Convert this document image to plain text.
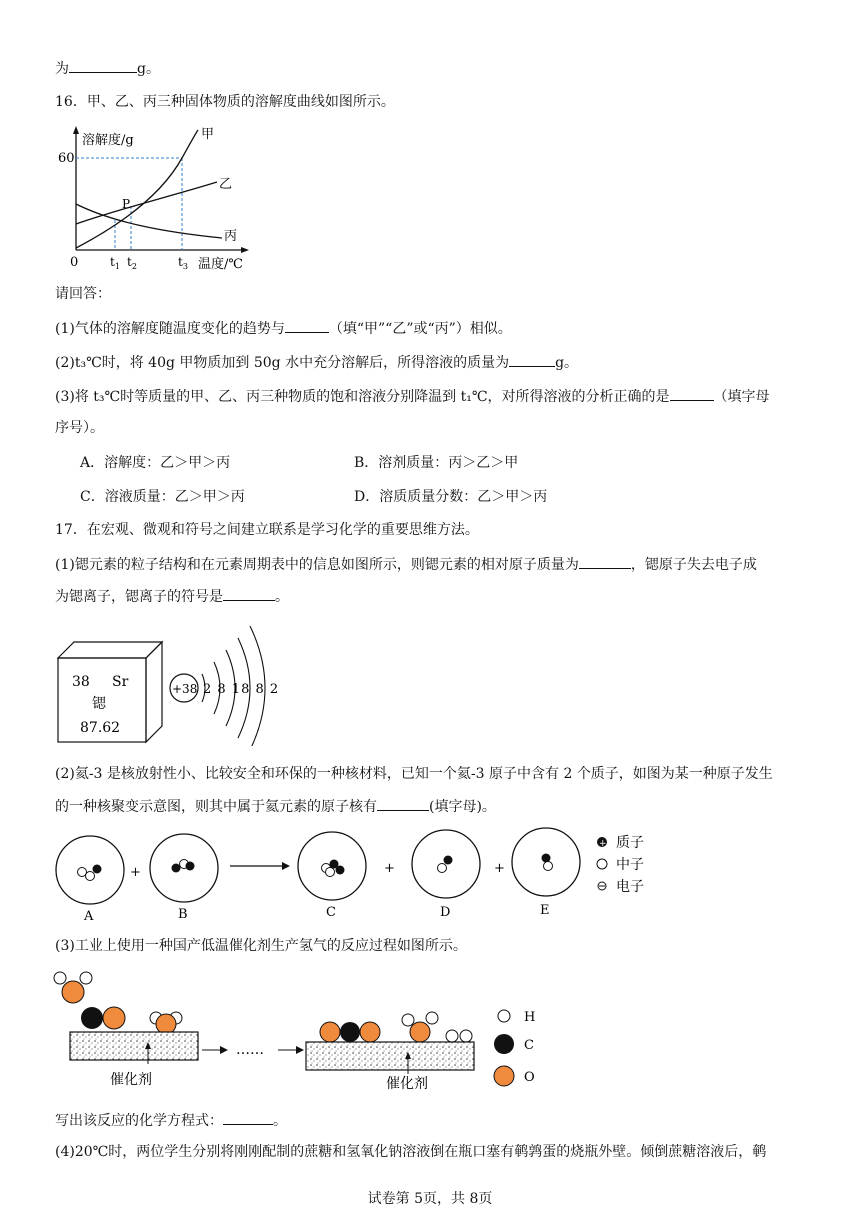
为	g。
16．甲、乙、丙三种固体物质的溶解度曲线如图所示。
溶解度/g
60
0	温度/℃
甲
乙
丙
P
$t_1$ $t_2$	$t_3$
请回答：
(1)气体的溶解度随温度变化的趋势与	（填“甲”“乙”或“丙”）相似。
(2)t₃℃时，将 40g 甲物质加到 50g 水中充分溶解后，所得溶液的质量为	g。
(3)将 t₃℃时等质量的甲、乙、丙三种物质的饱和溶液分别降温到 t₁℃，对所得溶液的分析正确的是	（填字母
序号）。
A．溶解度：乙＞甲＞丙	B．溶剂质量：丙＞乙＞甲
C．溶液质量：乙＞甲＞丙	D．溶质质量分数：乙＞甲＞丙
17．在宏观、微观和符号之间建立联系是学习化学的重要思维方法。
(1)锶元素的粒子结构和在元素周期表中的信息如图所示，则锶元素的相对原子质量为	，锶原子失去电子成
为锶离子，锶离子的符号是	。
38 Sr
锶
87.62
+38 2 8 18 8 2
(2)氦-3 是核放射性小、比较安全和环保的一种核材料，已知一个氦-3 原子中含有 2 个质子，如图为某一种原子发生
的一种核聚变示意图，则其中属于氦元素的原子核有	(填字母)。
A
+
B	C
+
D
+
E
+ 质子
中子
电子
(3)工业上使用一种国产低温催化剂生产氢气的反应过程如图所示。
催化剂
……
催化剂
H
C
O
写出该反应的化学方程式：	。
(4)20℃时，两位学生分别将刚刚配制的蔗糖和氢氧化钠溶液倒在瓶口塞有鹌鹑蛋的烧瓶外壁。倾倒蔗糖溶液后，鹌
试卷第 5页，共 8页
